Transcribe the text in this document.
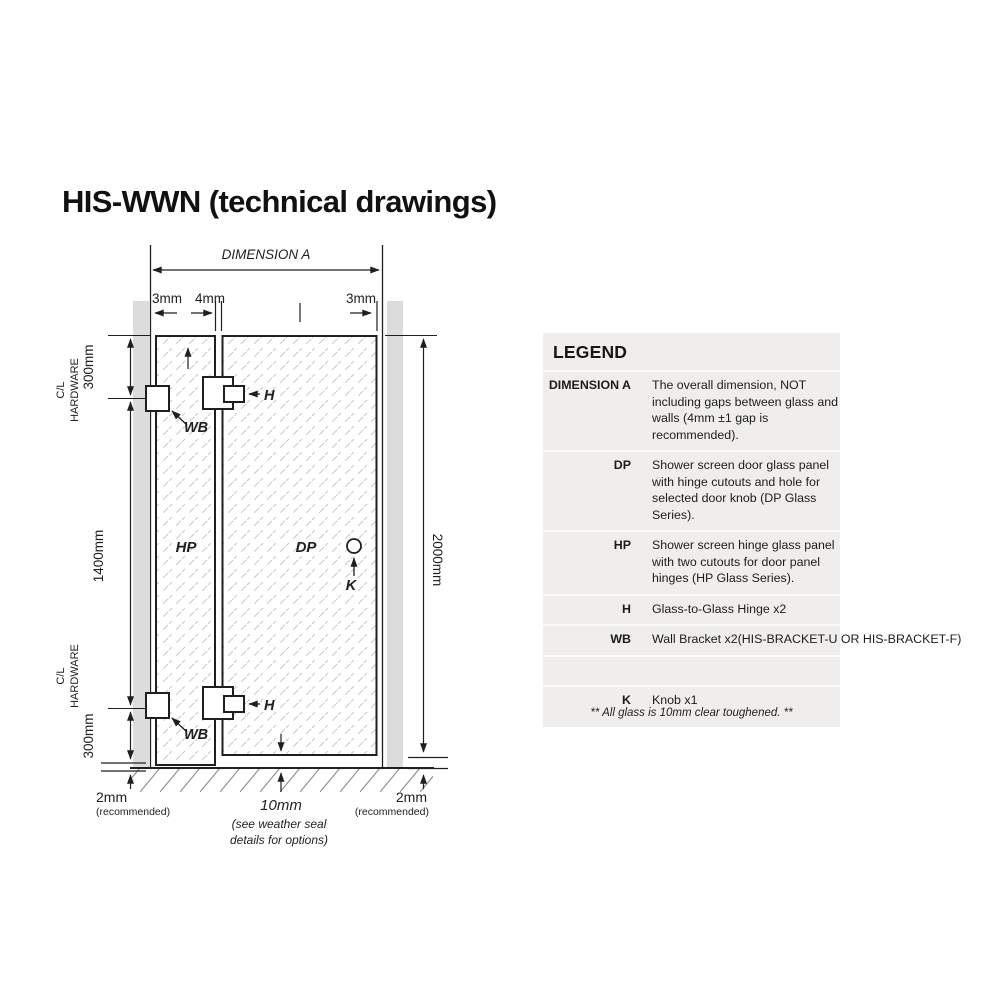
HIS-WWN (technical drawings)
DIMENSION A
3mm 4mm	3mm
300mm
C/L HARDWARE
1400mm
C/L HARDWARE
300mm
2mm
(recommended)
2000mm
2mm
(recommended)
10mm
(see weather seal
details for options)
H
H
WB
WB
HP	DP
K
LEGEND
DIMENSION A The overall dimension, NOT including gaps between glass and walls (4mm ±1 gap is recommended).
DP Shower screen door glass panel with hinge cutouts and hole for selected door knob (DP Glass Series).
HP Shower screen hinge glass panel with two cutouts for door panel hinges (HP Glass Series).
H Glass-to-Glass Hinge x2
WB Wall Bracket x2(HIS-BRACKET-U OR HIS-BRACKET-F)
K Knob x1
** All glass is 10mm clear toughened. **
